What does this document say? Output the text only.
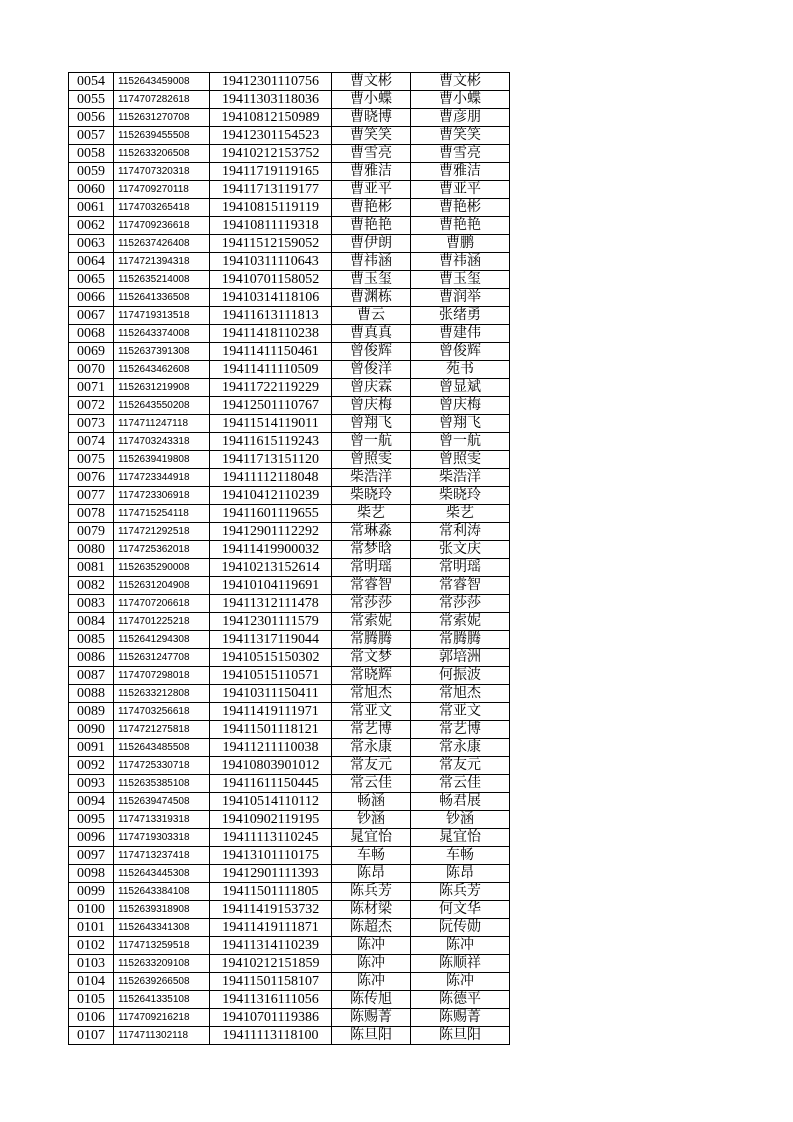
0054	1152643459008	19412301110756	曹文彬	曹文彬
0055	1174707282618	19411303118036	曹小蝶	曹小蝶
0056	1152631270708	19410812150989	曹晓博	曹彦朋
0057	1152639455508	19412301154523	曹笑笑	曹笑笑
0058	1152633206508	19410212153752	曹雪亮	曹雪亮
0059	1174707320318	19411719119165	曹雅洁	曹雅洁
0060	1174709270118	19411713119177	曹亚平	曹亚平
0061	1174703265418	19410815119119	曹艳彬	曹艳彬
0062	1174709236618	19410811119318	曹艳艳	曹艳艳
0063	1152637426408	19411512159052	曹伊朗	曹鹏
0064	1174721394318	19410311110643	曹祎涵	曹祎涵
0065	1152635214008	19410701158052	曹玉玺	曹玉玺
0066	1152641336508	19410314118106	曹渊栋	曹润举
0067	1174719313518	19411613111813	曹云	张绪勇
0068	1152643374008	19411418110238	曹真真	曹建伟
0069	1152637391308	19411411150461	曾俊辉	曾俊辉
0070	1152643462608	19411411110509	曾俊洋	苑书
0071	1152631219908	19411722119229	曾庆霖	曾显斌
0072	1152643550208	19412501110767	曾庆梅	曾庆梅
0073	1174711247118	19411514119011	曾翔飞	曾翔飞
0074	1174703243318	19411615119243	曾一航	曾一航
0075	1152639419808	19411713151120	曾照雯	曾照雯
0076	1174723344918	19411112118048	柴浩洋	柴浩洋
0077	1174723306918	19410412110239	柴晓玲	柴晓玲
0078	1174715254118	19411601119655	柴艺	柴艺
0079	1174721292518	19412901112292	常琳淼	常利涛
0080	1174725362018	19411419900032	常梦晗	张文庆
0081	1152635290008	19410213152614	常明瑶	常明瑶
0082	1152631204908	19410104119691	常睿智	常睿智
0083	1174707206618	19411312111478	常莎莎	常莎莎
0084	1174701225218	19412301111579	常索妮	常索妮
0085	1152641294308	19411317119044	常腾腾	常腾腾
0086	1152631247708	19410515150302	常文梦	郭培洲
0087	1174707298018	19410515110571	常晓辉	何振波
0088	1152633212808	19410311150411	常旭杰	常旭杰
0089	1174703256618	19411419111971	常亚文	常亚文
0090	1174721275818	19411501118121	常艺博	常艺博
0091	1152643485508	19411211110038	常永康	常永康
0092	1174725330718	19410803901012	常友元	常友元
0093	1152635385108	19411611150445	常云佳	常云佳
0094	1152639474508	19410514110112	畅涵	畅君展
0095	1174713319318	19410902119195	钞涵	钞涵
0096	1174719303318	19411113110245	晁宜怡	晁宜怡
0097	1174713237418	19413101110175	车畅	车畅
0098	1152643445308	19412901111393	陈昂	陈昂
0099	1152643384108	19411501111805	陈兵芳	陈兵芳
0100	1152639318908	19411419153732	陈材梁	何文华
0101	1152643341308	19411419111871	陈超杰	阮传勋
0102	1174713259518	19411314110239	陈冲	陈冲
0103	1152633209108	19410212151859	陈冲	陈顺祥
0104	1152639266508	19411501158107	陈冲	陈冲
0105	1152641335108	19411316111056	陈传旭	陈德平
0106	1174709216218	19410701119386	陈赐菁	陈赐菁
0107	1174711302118	19411113118100	陈旦阳	陈旦阳
